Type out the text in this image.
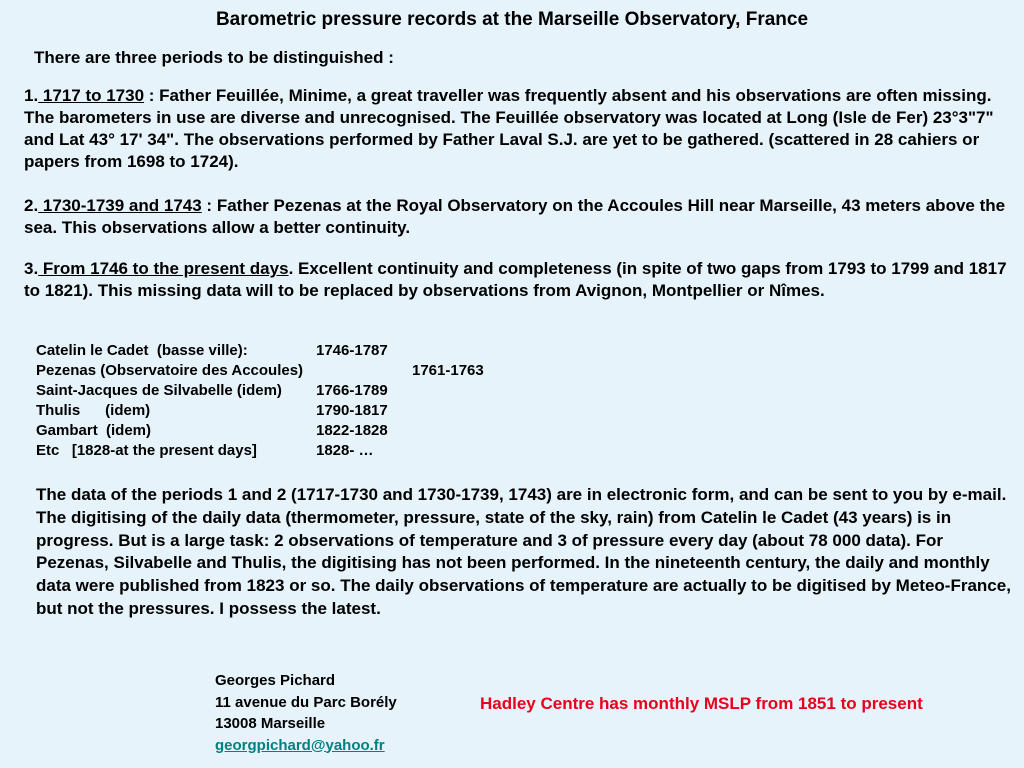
Barometric pressure records at the Marseille Observatory, France
There are three periods to be distinguished :
1. 1717 to 1730 : Father Feuillée, Minime, a great traveller was frequently absent and his observations are often missing. The barometers in use are diverse and unrecognised. The Feuillée observatory was located at Long (Isle de Fer) 23°3"7" and Lat 43° 17' 34". The observations performed by Father Laval S.J. are yet to be gathered. (scattered in 28 cahiers or papers from 1698 to 1724).
2. 1730-1739 and 1743 : Father Pezenas at the Royal Observatory on the Accoules Hill near Marseille, 43 meters above the sea. This observations allow a better continuity.
3. From 1746 to the present days. Excellent continuity and completeness (in spite of two gaps from 1793 to 1799 and 1817 to 1821). This missing data will to be replaced by observations from Avignon, Montpellier or Nîmes.
Catelin le Cadet  (basse ville):	1746-1787	
Pezenas (Observatoire des Accoules)		1761-1763
Saint-Jacques de Silvabelle (idem)	1766-1789	
Thulis      (idem)	1790-1817	
Gambart  (idem)	1822-1828	
Etc   [1828-at the present days]	1828- …	
The data of the periods 1 and 2 (1717-1730 and 1730-1739, 1743) are in electronic form, and can be sent to you by e-mail. The digitising of the daily data (thermometer, pressure, state of the sky, rain) from Catelin le Cadet (43 years) is in progress. But is a large task: 2 observations of temperature and 3 of pressure every day (about 78 000 data). For Pezenas, Silvabelle and Thulis, the digitising has not been performed. In the nineteenth century, the daily and monthly data were published from 1823 or so. The daily observations of temperature are actually to be digitised by Meteo-France, but not the pressures. I possess the latest.
Georges Pichard
11 avenue du Parc Borély
13008 Marseille
georgpichard@yahoo.fr
Hadley Centre has monthly MSLP from 1851 to present
